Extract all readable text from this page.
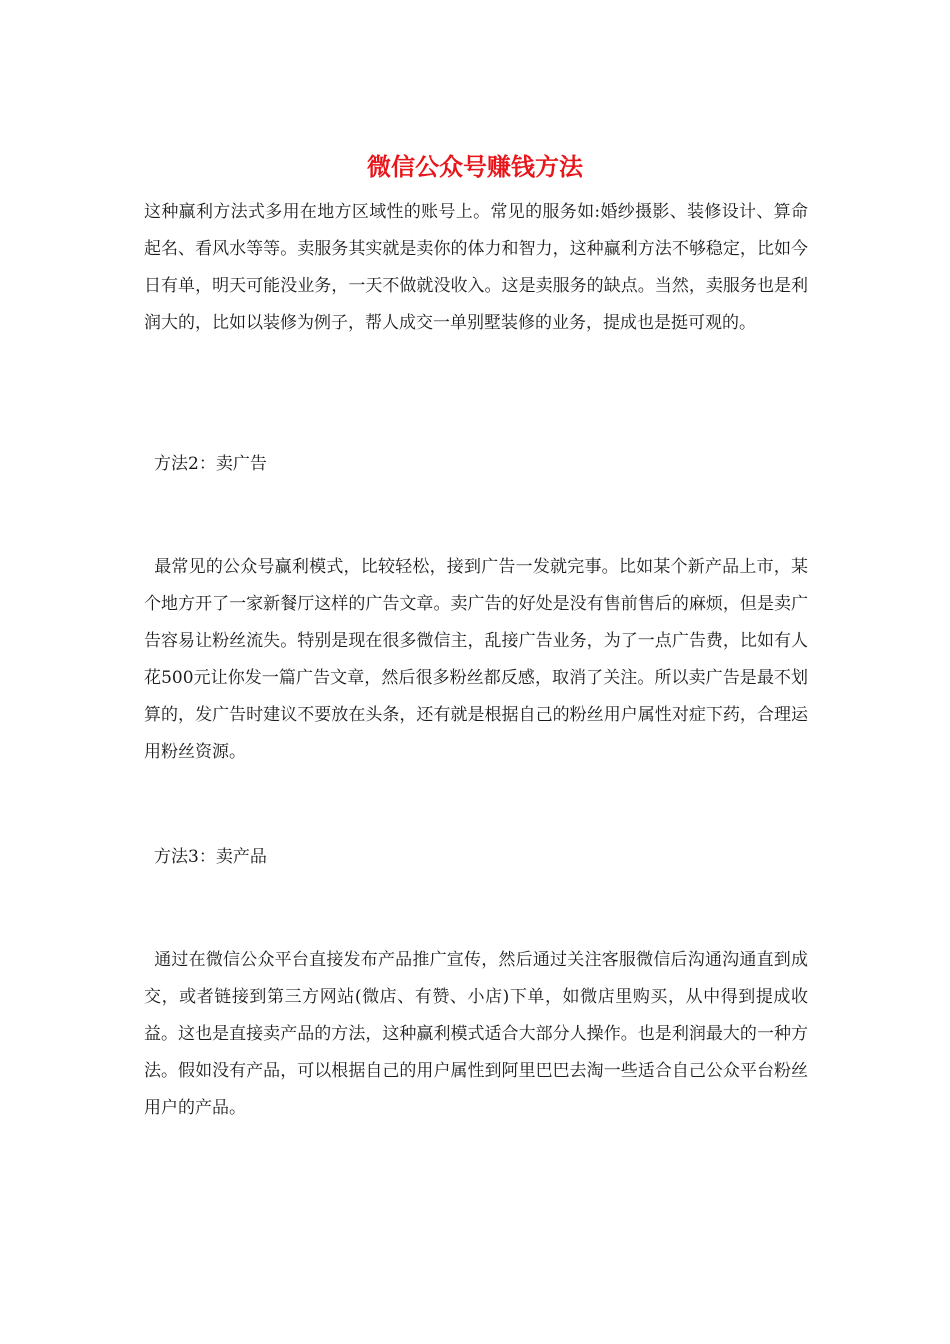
微信公众号赚钱方法

这种赢利方法式多用在地方区域性的账号上。常见的服务如:婚纱摄影、装修设计、算命起名、看风水等等。卖服务其实就是卖你的体力和智力，这种赢利方法不够稳定，比如今日有单，明天可能没业务，一天不做就没收入。这是卖服务的缺点。当然，卖服务也是利润大的，比如以装修为例子，帮人成交一单别墅装修的业务，提成也是挺可观的。

方法2：卖广告

最常见的公众号赢利模式，比较轻松，接到广告一发就完事。比如某个新产品上市，某个地方开了一家新餐厅这样的广告文章。卖广告的好处是没有售前售后的麻烦，但是卖广告容易让粉丝流失。特别是现在很多微信主，乱接广告业务，为了一点广告费，比如有人花500元让你发一篇广告文章，然后很多粉丝都反感，取消了关注。所以卖广告是最不划算的，发广告时建议不要放在头条，还有就是根据自己的粉丝用户属性对症下药，合理运用粉丝资源。

方法3：卖产品

通过在微信公众平台直接发布产品推广宣传，然后通过关注客服微信后沟通沟通直到成交，或者链接到第三方网站(微店、有赞、小店)下单，如微店里购买，从中得到提成收益。这也是直接卖产品的方法，这种赢利模式适合大部分人操作。也是利润最大的一种方法。假如没有产品，可以根据自己的用户属性到阿里巴巴去淘一些适合自己公众平台粉丝用户的产品。
